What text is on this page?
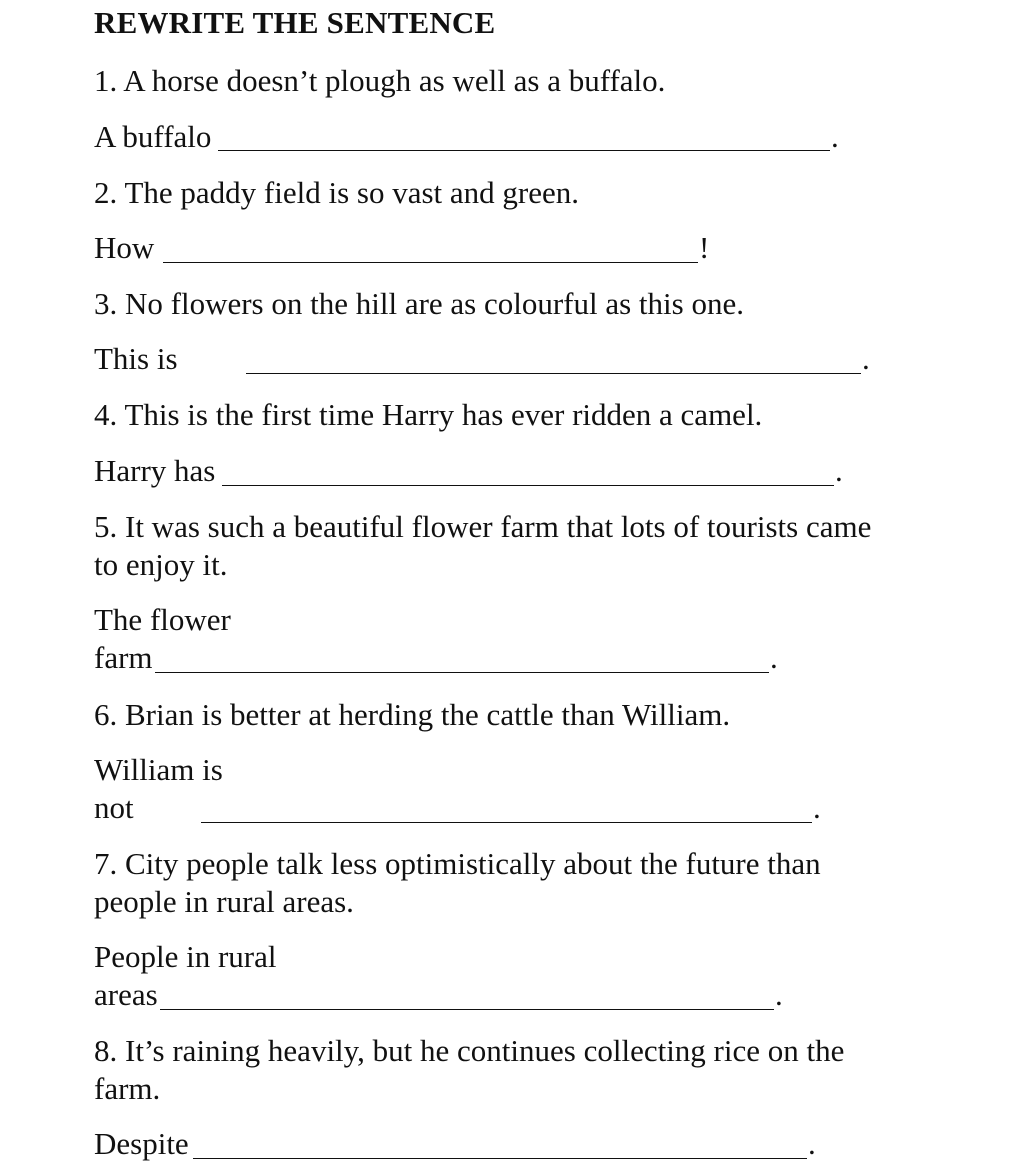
REWRITE THE SENTENCE
1. A horse doesn’t plough as well as a buffalo.
A buffalo	.
2. The paddy field is so vast and green.
How	!
3. No flowers on the hill are as colourful as this one.
This is	.
4. This is the first time Harry has ever ridden a camel.
Harry has	.
5. It was such a beautiful flower farm that lots of tourists came
to enjoy it.
The flower
farm	.
6. Brian is better at herding the cattle than William.
William is
not	.
7. City people talk less optimistically about the future than
people in rural areas.
People in rural
areas	.
8. It’s raining heavily, but he continues collecting rice on the
farm.
Despite	.
